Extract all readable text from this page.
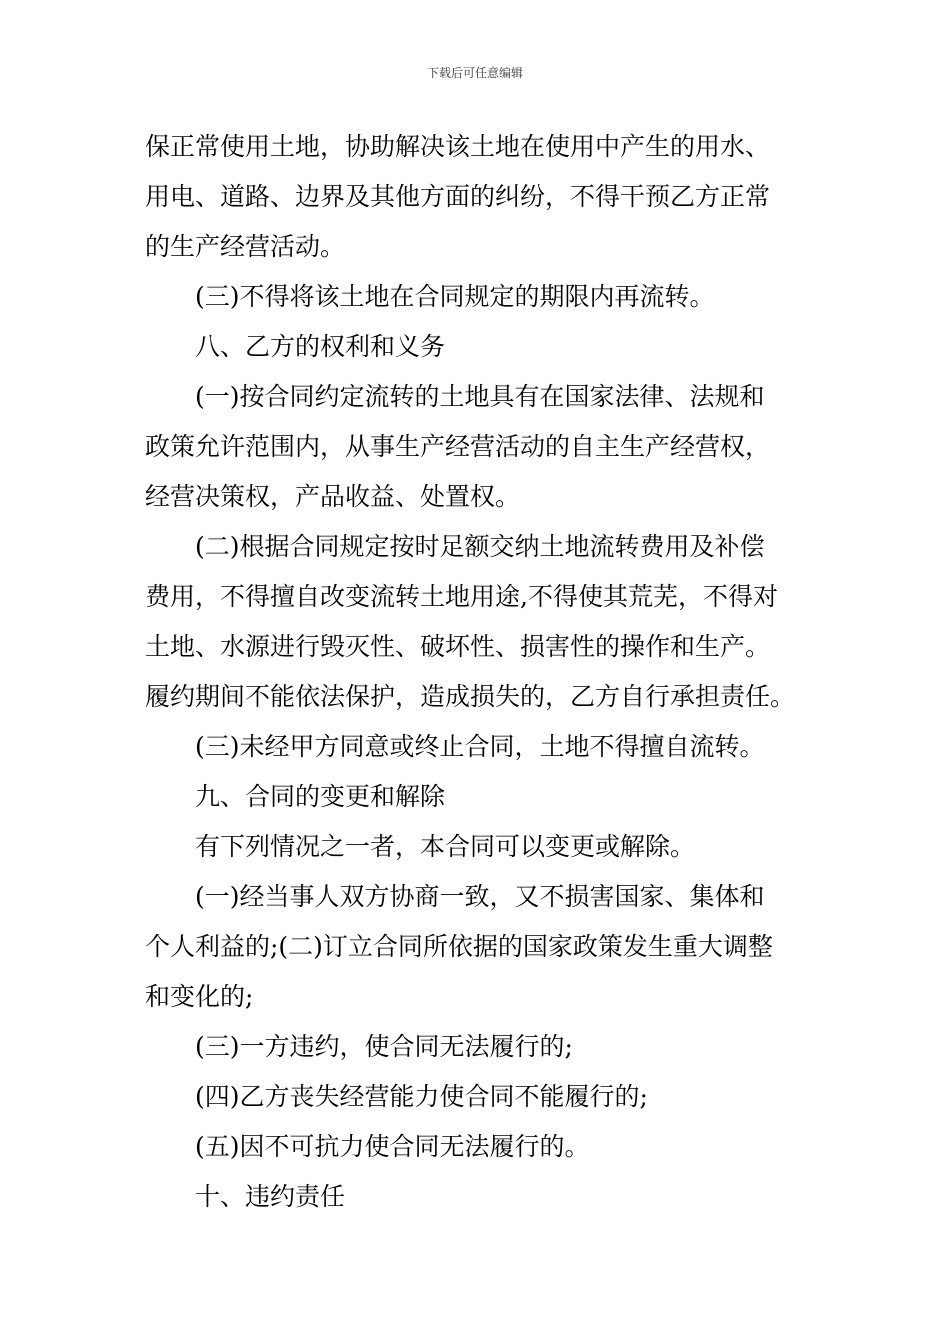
下载后可任意编辑

保正常使用土地，协助解决该土地在使用中产生的用水、
用电、道路、边界及其他方面的纠纷，不得干预乙方正常
的生产经营活动。

(三)不得将该土地在合同规定的期限内再流转。

八、乙方的权利和义务

(一)按合同约定流转的土地具有在国家法律、法规和

政策允许范围内，从事生产经营活动的自主生产经营权，
经营决策权，产品收益、处置权。

(二)根据合同规定按时足额交纳土地流转费用及补偿

费用，不得擅自改变流转土地用途,不得使其荒芜，不得对
土地、水源进行毁灭性、破坏性、损害性的操作和生产。
履约期间不能依法保护，造成损失的，乙方自行承担责任。

(三)未经甲方同意或终止合同，土地不得擅自流转。

九、合同的变更和解除

有下列情况之一者，本合同可以变更或解除。

(一)经当事人双方协商一致，又不损害国家、集体和

个人利益的;(二)订立合同所依据的国家政策发生重大调整
和变化的;

(三)一方违约，使合同无法履行的;

(四)乙方丧失经营能力使合同不能履行的;

(五)因不可抗力使合同无法履行的。

十、违约责任
